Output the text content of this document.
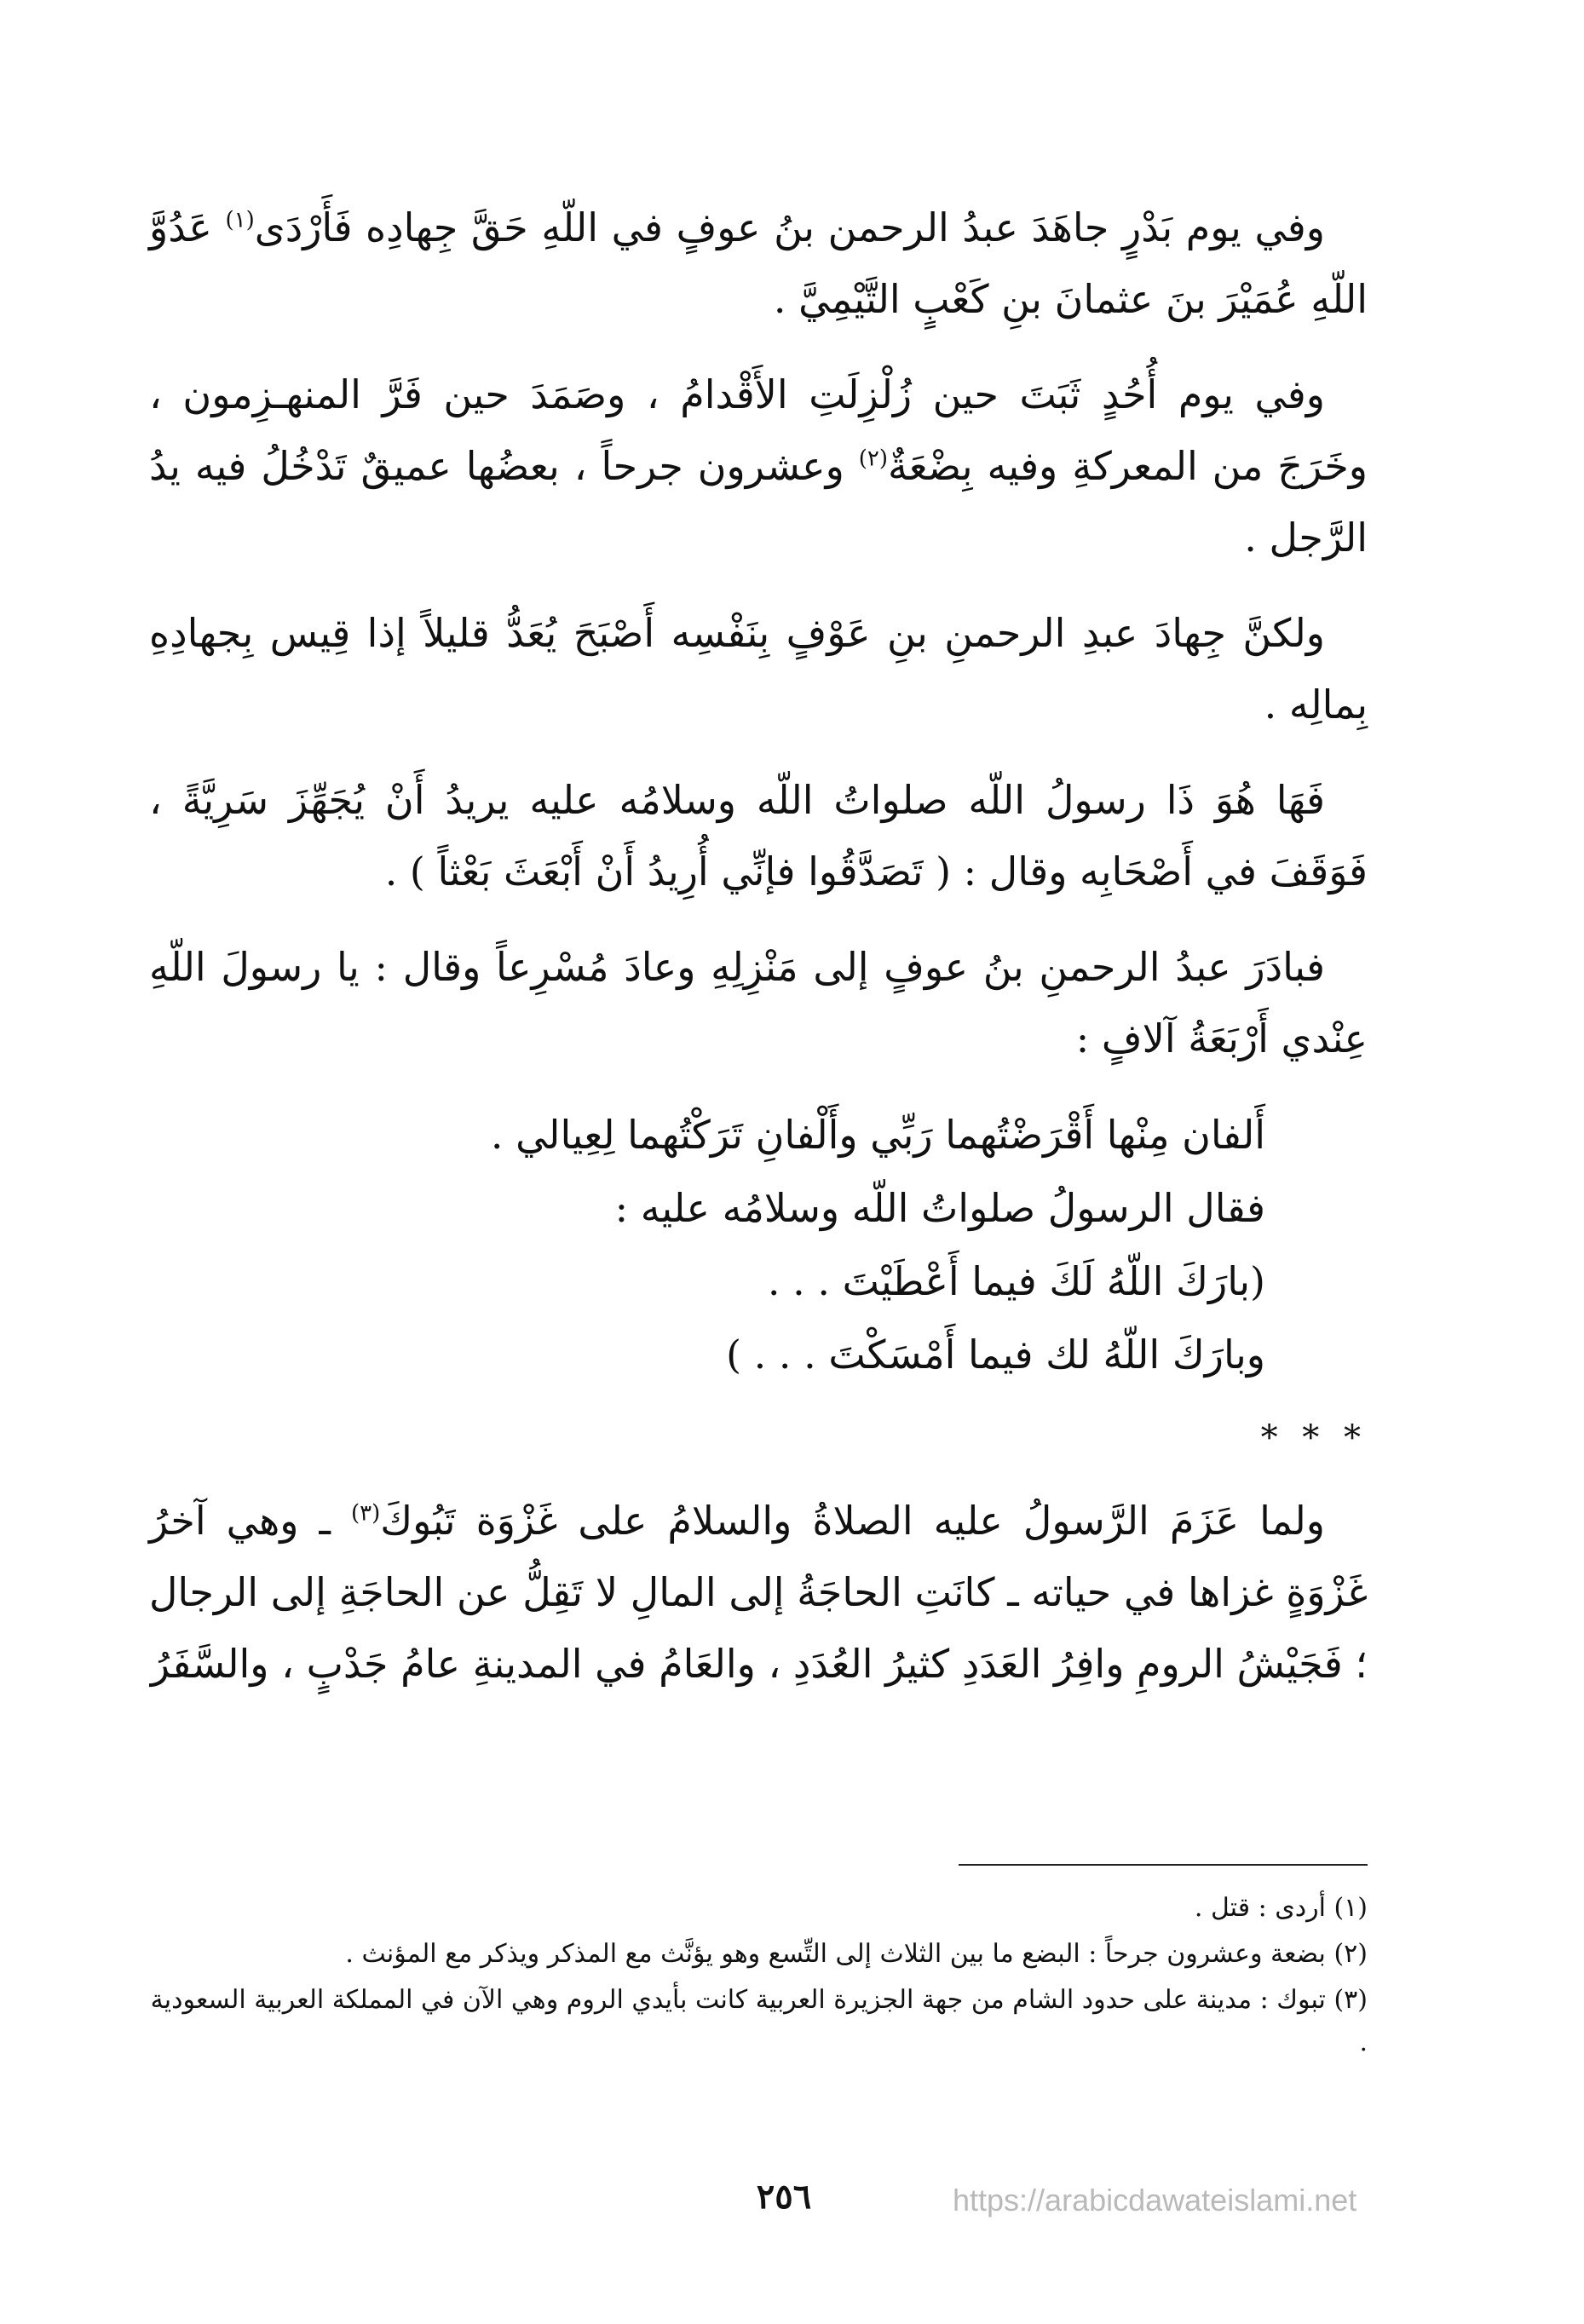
وفي يوم بَدْرٍ جاهَدَ عبدُ الرحمن بنُ عوفٍ في اللّهِ حَقَّ جِهادِه فَأَرْدَى$^{(١)}$ عَدُوَّ اللّهِ عُمَيْرَ بنَ عثمانَ بنِ كَعْبٍ التَّيْمِيَّ .

وفي يوم أُحُدٍ ثَبَتَ حين زُلْزِلَتِ الأَقْدامُ ، وصَمَدَ حين فَرَّ المنهـزِمون ، وخَرَجَ من المعركةِ وفيه بِضْعَةٌ$^{(٢)}$ وعشرون جرحاً ، بعضُها عميقٌ تَدْخُلُ فيه يدُ الرَّجل .

ولكنَّ جِهادَ عبدِ الرحمنِ بنِ عَوْفٍ بِنَفْسِه أَصْبَحَ يُعَدُّ قليلاً إذا قِيس بِجهادِهِ بِمالِه .

فَهَا هُوَ ذَا رسولُ اللّه صلواتُ اللّه وسلامُه عليه يريدُ أَنْ يُجَهِّزَ سَرِيَّةً ، فَوَقَفَ في أَصْحَابِه وقال : ( تَصَدَّقُوا فإنِّي أُرِيدُ أَنْ أَبْعَثَ بَعْثاً ) .

فبادَرَ عبدُ الرحمنِ بنُ عوفٍ إلى مَنْزِلِهِ وعادَ مُسْرِعاً وقال : يا رسولَ اللّهِ عِنْدي أَرْبَعَةُ آلافٍ :

أَلفان مِنْها أَقْرَضْتُهما رَبِّي وأَلْفانِ تَرَكْتُهما لِعِيالي .
فقال الرسولُ صلواتُ اللّه وسلامُه عليه :
(بارَكَ اللّهُ لَكَ فيما أَعْطَيْتَ . . .
وبارَكَ اللّهُ لك فيما أَمْسَكْتَ . . . )
* * *

ولما عَزَمَ الرَّسولُ عليه الصلاةُ والسلامُ على غَزْوَة تَبُوكَ$^{(٣)}$ ـ وهي آخرُ غَزْوَةٍ غزاها في حياته ـ كانَتِ الحاجَةُ إلى المالِ لا تَقِلُّ عن الحاجَةِ إلى الرجال ؛ فَجَيْشُ الرومِ وافِرُ العَدَدِ كثيرُ العُدَدِ ، والعَامُ في المدينةِ عامُ جَدْبٍ ، والسَّفَرُ

(١) أردى : قتل .

(٢) بضعة وعشرون جرحاً : البضع ما بين الثلاث إلى التِّسع وهو يؤنَّث مع المذكر ويذكر مع المؤنث .

(٣) تبوك : مدينة على حدود الشام من جهة الجزيرة العربية كانت بأيدي الروم وهي الآن في المملكة العربية السعودية .

٢٥٦	https://arabicdawateislami.net
